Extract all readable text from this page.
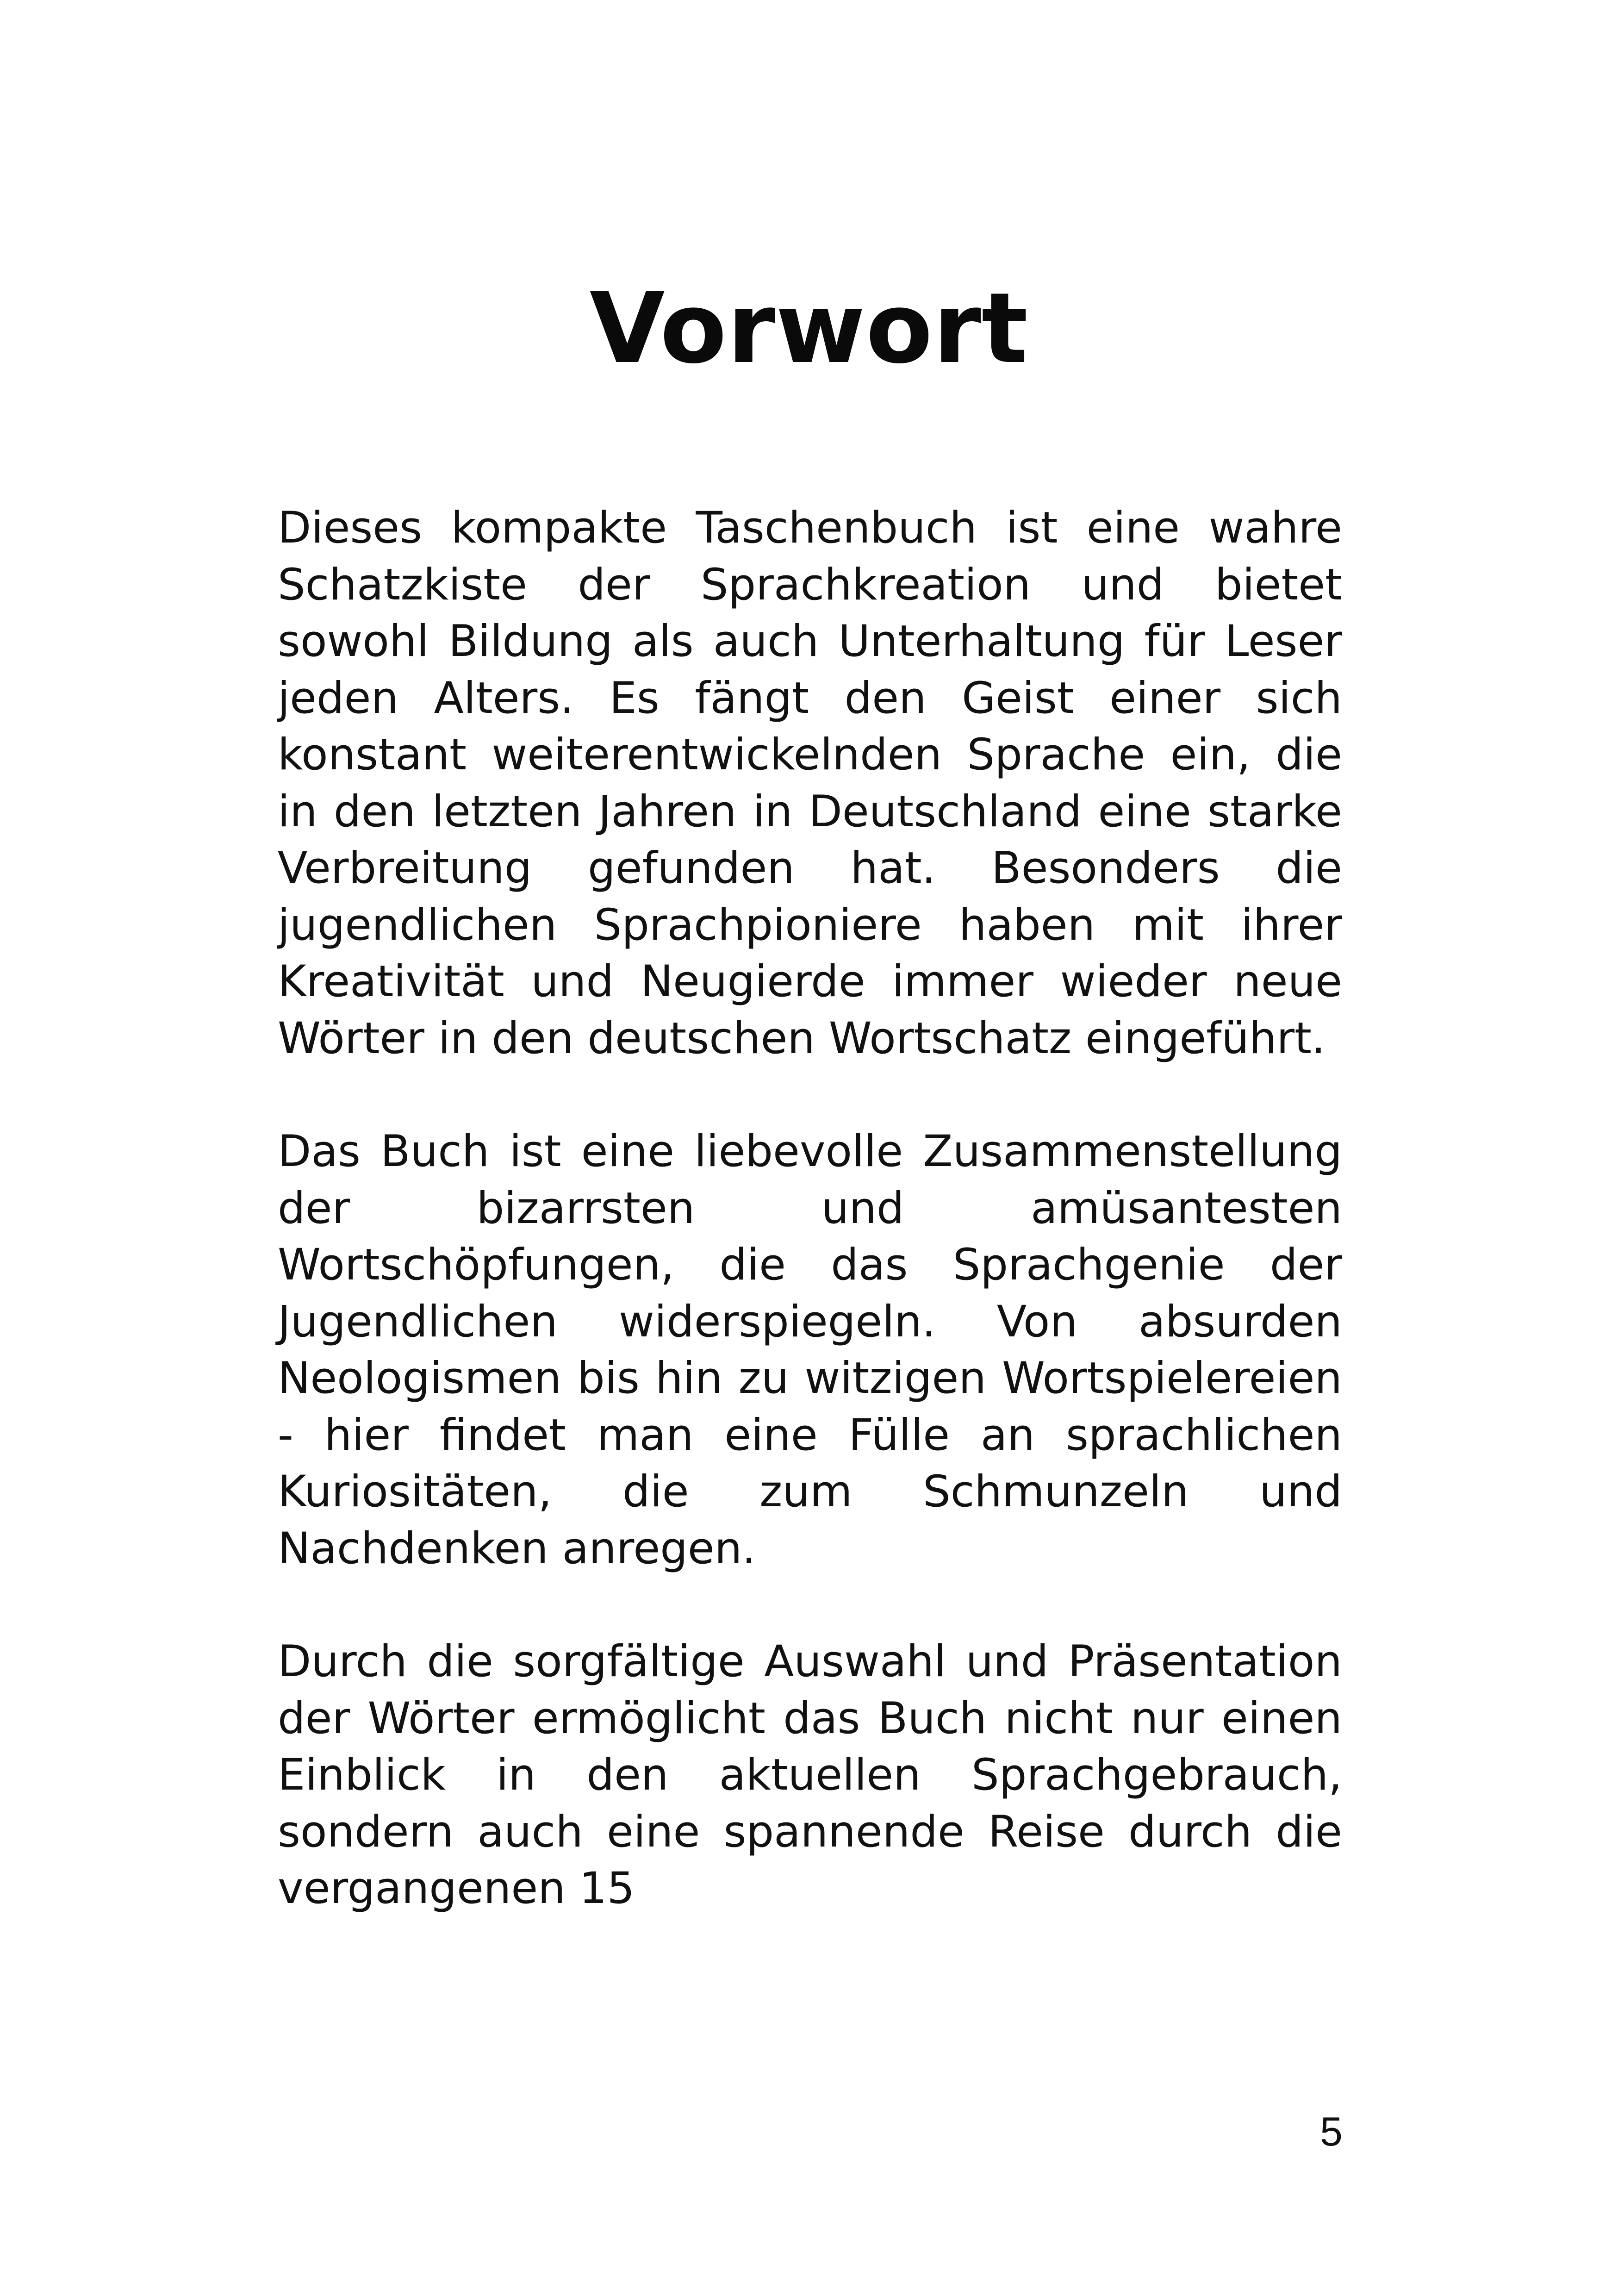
Vorwort

Dieses kompakte Taschenbuch ist eine wahre Schatzkiste der Sprachkreation und bietet sowohl Bildung als auch Unterhaltung für Leser jeden Alters. Es fängt den Geist einer sich konstant weiterentwickelnden Sprache ein, die in den letzten Jahren in Deutschland eine starke Verbreitung gefunden hat. Besonders die jugendlichen Sprachpioniere haben mit ihrer Kreativität und Neugierde immer wieder neue Wörter in den deutschen Wortschatz eingeführt.

Das Buch ist eine liebevolle Zusammenstellung der bizarrsten und amüsantesten Wortschöpfungen, die das Sprachgenie der Jugendlichen widerspiegeln. Von absurden Neologismen bis hin zu witzigen Wortspielereien - hier findet man eine Fülle an sprachlichen Kuriositäten, die zum Schmunzeln und Nachdenken anregen.

Durch die sorgfältige Auswahl und Präsentation der Wörter ermöglicht das Buch nicht nur einen Einblick in den aktuellen Sprachgebrauch, sondern auch eine spannende Reise durch die vergangenen 15

5
